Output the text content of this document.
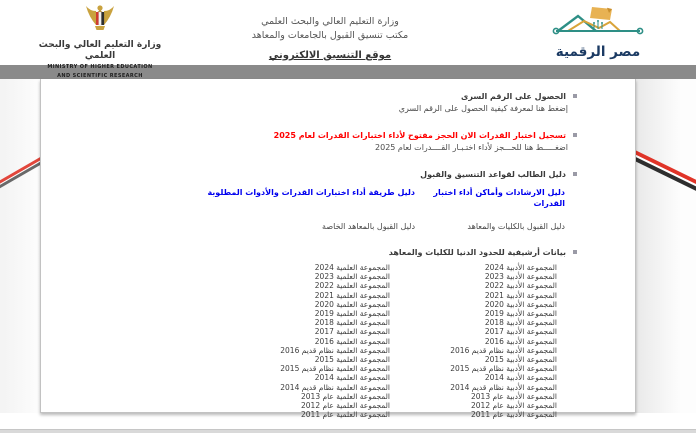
وزارة التعليم العالي والبحث العلمي
MINISTRY OF HIGHER EDUCATION
AND SCIENTIFIC RESEARCH
وزارة التعليم العالي والبحث العلمي
مكتب تنسيق القبول بالجامعات والمعاهد
موقع التنسيق الالكتروني	مصر الرقمية
الحصول على الرقم السرى
إضغط هنا لمعرفة كيفية الحصول على الرقم السري
تسجيل اختبار القدرات الان الحجز مفتوح لأداء اختبارات القدرات لعام 2025
اضغـــــط هنا للحـــجز لأداء اختـبـار القــــدرات لعام 2025
دليل الطالب لقواعد التنسيق والقبول
دليل الارشادات وأماكن أداء اختبار القدرات
دليل طريقة أداء اختبارات القدرات والأدوات المطلوبة
دليل القبول بالكليات والمعاهد
دليل القبول بالمعاهد الخاصة
بيانات أرشيفية للحدود الدنيا للكليات والمعاهد
المجموعة الأدبية 2024
المجموعة العلمية 2024
المجموعة الأدبية 2023
المجموعة العلمية 2023
المجموعة الأدبية 2022
المجموعة العلمية 2022
المجموعة الأدبية 2021
المجموعة العلمية 2021
المجموعة الأدبية 2020
المجموعة العلمية 2020
المجموعة الأدبية 2019
المجموعة العلمية 2019
المجموعة الأدبية 2018
المجموعة العلمية 2018
المجموعة الأدبية 2017
المجموعة العلمية 2017
المجموعة الأدبية 2016
المجموعة العلمية 2016
المجموعة الأدبية نظام قديم 2016
المجموعة العلمية نظام قديم 2016
المجموعة الأدبية 2015
المجموعة العلمية 2015
المجموعة الأدبية نظام قديم 2015
المجموعة العلمية نظام قديم 2015
المجموعة الأدبية 2014
المجموعة العلمية 2014
المجموعة الأدبية نظام قديم 2014
المجموعة العلمية نظام قديم 2014
المجموعة الأدبية عام 2013
المجموعة العلمية عام 2013
المجموعة الأدبية عام 2012
المجموعة العلمية عام 2012
المجموعة الأدبية عام 2011
المجموعة العلمية عام 2011
